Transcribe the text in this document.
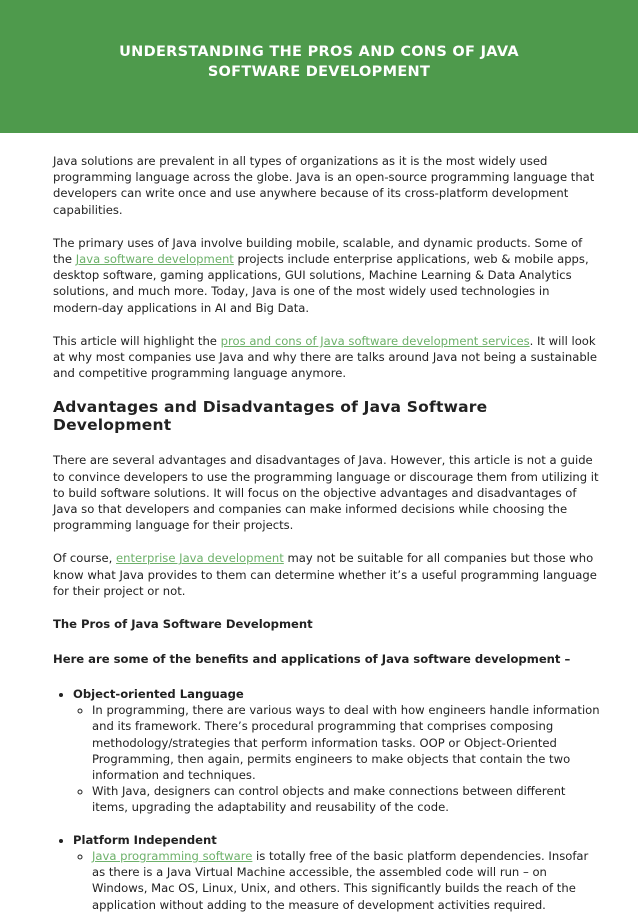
UNDERSTANDING THE PROS AND CONS OF JAVA SOFTWARE DEVELOPMENT

Java solutions are prevalent in all types of organizations as it is the most widely used programming language across the globe. Java is an open-source programming language that developers can write once and use anywhere because of its cross-platform development capabilities.

The primary uses of Java involve building mobile, scalable, and dynamic products. Some of the Java software development projects include enterprise applications, web & mobile apps, desktop software, gaming applications, GUI solutions, Machine Learning & Data Analytics solutions, and much more. Today, Java is one of the most widely used technologies in modern-day applications in AI and Big Data.

This article will highlight the pros and cons of Java software development services. It will look at why most companies use Java and why there are talks around Java not being a sustainable and competitive programming language anymore.

Advantages and Disadvantages of Java Software Development

There are several advantages and disadvantages of Java. However, this article is not a guide to convince developers to use the programming language or discourage them from utilizing it to build software solutions. It will focus on the objective advantages and disadvantages of Java so that developers and companies can make informed decisions while choosing the programming language for their projects.

Of course, enterprise Java development may not be suitable for all companies but those who know what Java provides to them can determine whether it’s a useful programming language for their project or not.

The Pros of Java Software Development
Here are some of the benefits and applications of Java software development –
• Object-oriented Language
◦ In programming, there are various ways to deal with how engineers handle information and its framework. There’s procedural programming that comprises composing methodology/strategies that perform information tasks. OOP or Object-Oriented Programming, then again, permits engineers to make objects that contain the two information and techniques.
◦ With Java, designers can control objects and make connections between different items, upgrading the adaptability and reusability of the code.
• Platform Independent
◦ Java programming software is totally free of the basic platform dependencies. Insofar as there is a Java Virtual Machine accessible, the assembled code will run – on Windows, Mac OS, Linux, Unix, and others. This significantly builds the reach of the application without adding to the measure of development activities required.
